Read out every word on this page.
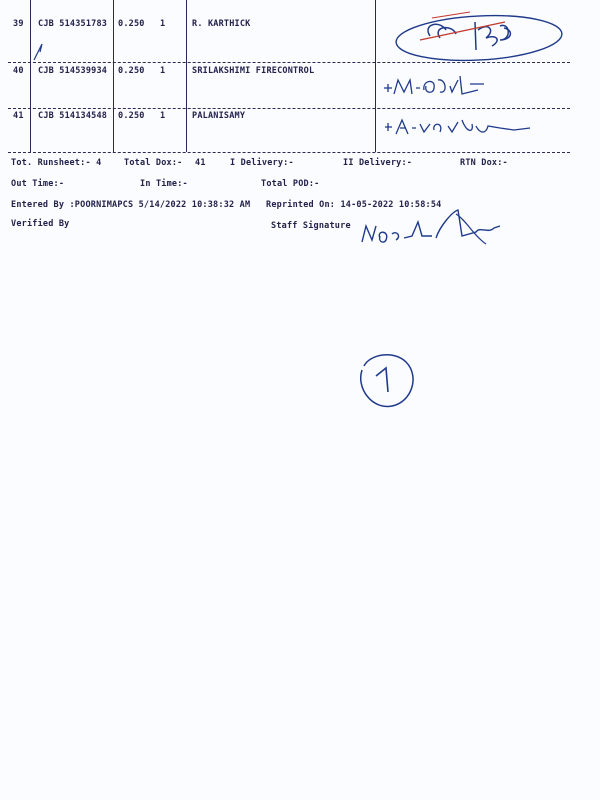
39 CJB 514351783 0.250 1	R. KARTHICK
40 CJB 514539934 0.250 1	SRILAKSHIMI FIRECONTROL
41 CJB 514134548 0.250 1	PALANISAMY
Tot. Runsheet:- 4	Total Dox:- 41	I Delivery:-	II Delivery:-	RTN Dox:-
Out Time:-	In Time:-	Total POD:-
Entered By :POORNIMAPCS 5/14/2022 10:38:32 AM Reprinted On: 14-05-2022 10:58:54
Verified By	Staff Signature
